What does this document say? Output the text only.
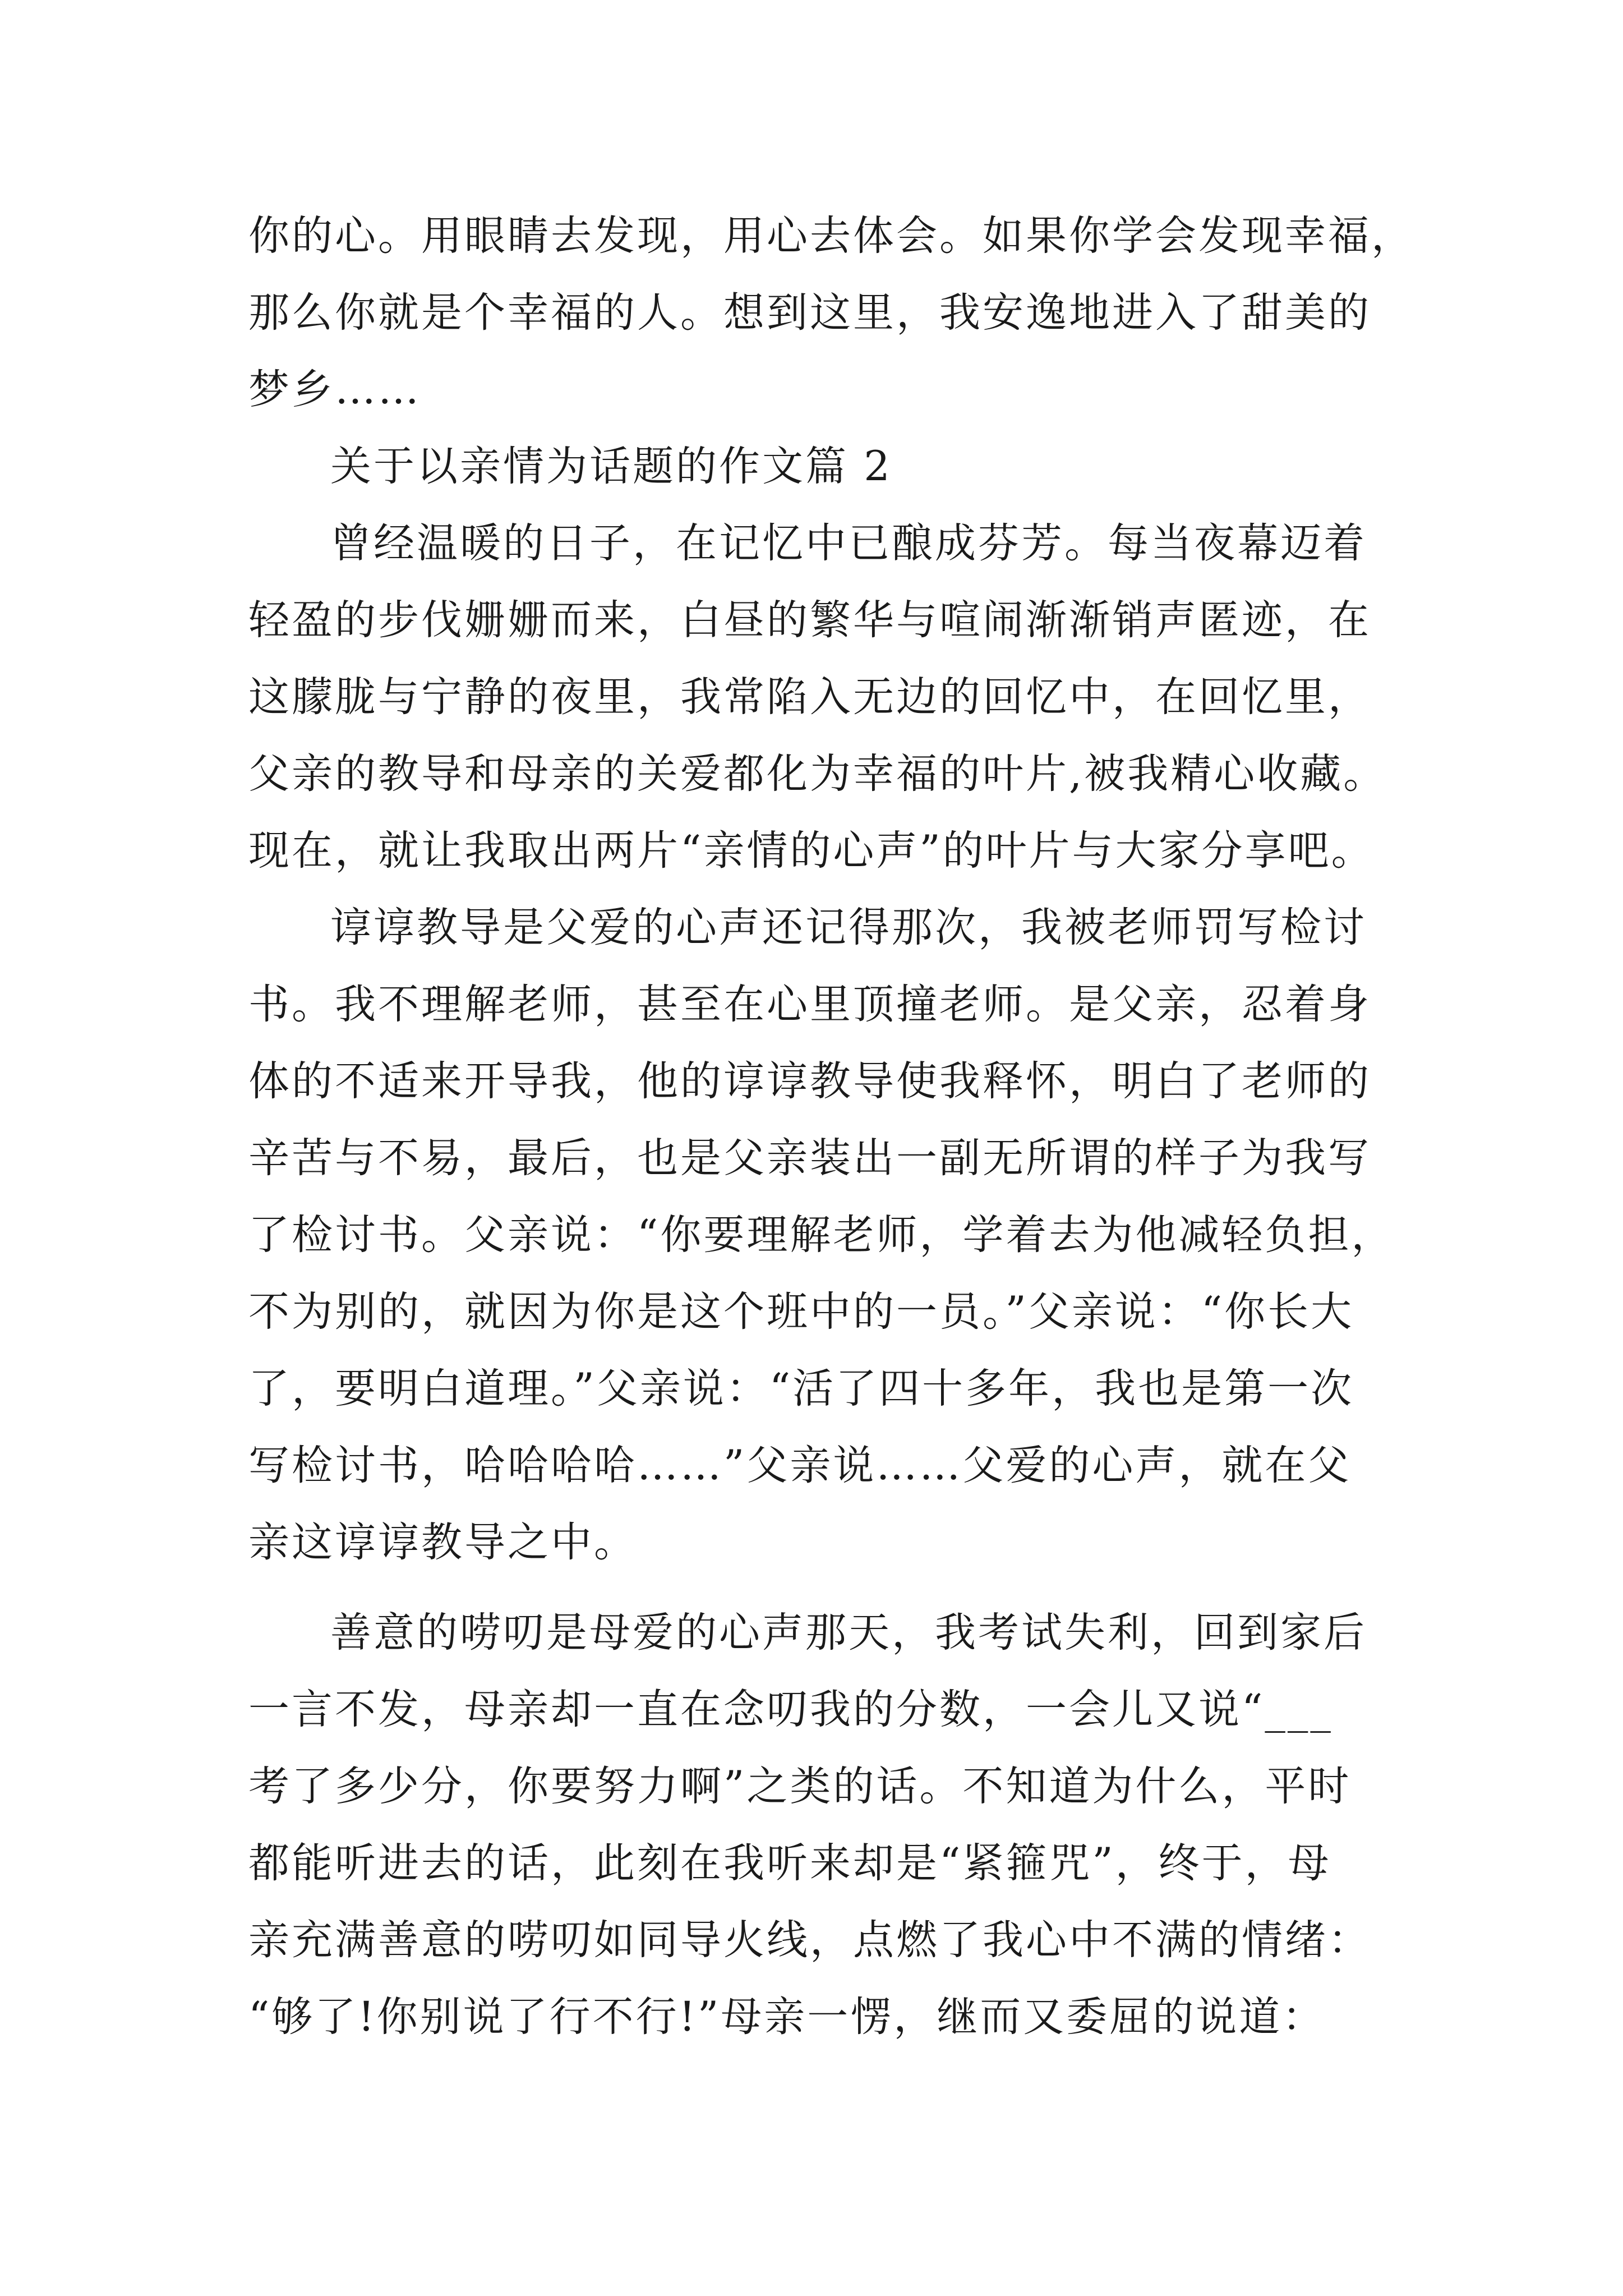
你的心。用眼睛去发现，用心去体会。如果你学会发现幸福，
那么你就是个幸福的人。想到这里，我安逸地进入了甜美的
梦乡……
关于以亲情为话题的作文篇 2
曾经温暖的日子，在记忆中已酿成芬芳。每当夜幕迈着
轻盈的步伐姗姗而来，白昼的繁华与喧闹渐渐销声匿迹，在
这朦胧与宁静的夜里，我常陷入无边的回忆中，在回忆里，
父亲的教导和母亲的关爱都化为幸福的叶片,被我精心收藏。
现在，就让我取出两片“亲情的心声”的叶片与大家分享吧。
谆谆教导是父爱的心声还记得那次，我被老师罚写检讨
书。我不理解老师，甚至在心里顶撞老师。是父亲，忍着身
体的不适来开导我，他的谆谆教导使我释怀，明白了老师的
辛苦与不易，最后，也是父亲装出一副无所谓的样子为我写
了检讨书。父亲说：“你要理解老师，学着去为他减轻负担，
不为别的，就因为你是这个班中的一员。”父亲说：“你长大
了，要明白道理。”父亲说：“活了四十多年，我也是第一次
写检讨书，哈哈哈哈……”父亲说……父爱的心声，就在父
亲这谆谆教导之中。
善意的唠叨是母爱的心声那天，我考试失利，回到家后
一言不发，母亲却一直在念叨我的分数，一会儿又说“___
考了多少分，你要努力啊”之类的话。不知道为什么，平时
都能听进去的话，此刻在我听来却是“紧箍咒”，终于，母
亲充满善意的唠叨如同导火线，点燃了我心中不满的情绪：
“够了!你别说了行不行!”母亲一愣，继而又委屈的说道：
